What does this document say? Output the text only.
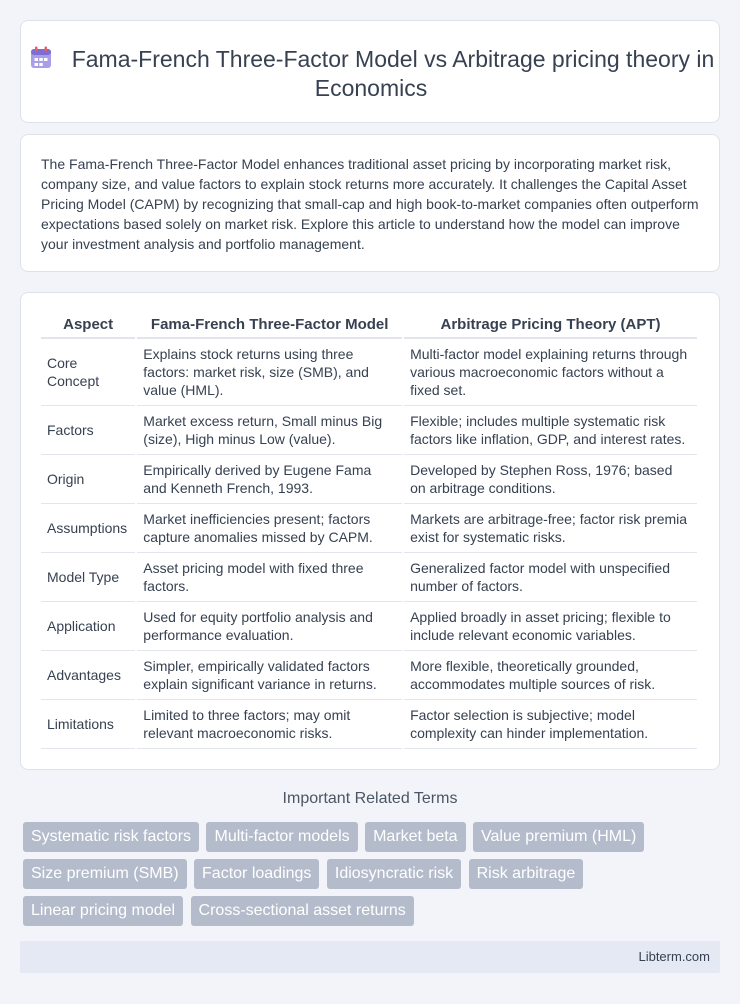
Fama-French Three-Factor Model vs Arbitrage pricing theory in Economics

The Fama-French Three-Factor Model enhances traditional asset pricing by incorporating market risk, company size, and value factors to explain stock returns more accurately. It challenges the Capital Asset Pricing Model (CAPM) by recognizing that small-cap and high book-to-market companies often outperform expectations based solely on market risk. Explore this article to understand how the model can improve your investment analysis and portfolio management.

Aspect	Fama-French Three-Factor Model	Arbitrage Pricing Theory (APT)
Core Concept	Explains stock returns using three factors: market risk, size (SMB), and value (HML).	Multi-factor model explaining returns through various macroeconomic factors without a fixed set.
Factors	Market excess return, Small minus Big (size), High minus Low (value).	Flexible; includes multiple systematic risk factors like inflation, GDP, and interest rates.
Origin	Empirically derived by Eugene Fama and Kenneth French, 1993.	Developed by Stephen Ross, 1976; based on arbitrage conditions.
Assumptions	Market inefficiencies present; factors capture anomalies missed by CAPM.	Markets are arbitrage-free; factor risk premia exist for systematic risks.
Model Type	Asset pricing model with fixed three factors.	Generalized factor model with unspecified number of factors.
Application	Used for equity portfolio analysis and performance evaluation.	Applied broadly in asset pricing; flexible to include relevant economic variables.
Advantages	Simpler, empirically validated factors explain significant variance in returns.	More flexible, theoretically grounded, accommodates multiple sources of risk.
Limitations	Limited to three factors; may omit relevant macroeconomic risks.	Factor selection is subjective; model complexity can hinder implementation.
Important Related Terms
Systematic risk factors Multi-factor models Market beta Value premium (HML) Size premium (SMB) Factor loadings Idiosyncratic risk Risk arbitrage Linear pricing model Cross-sectional asset returns
Libterm.com
